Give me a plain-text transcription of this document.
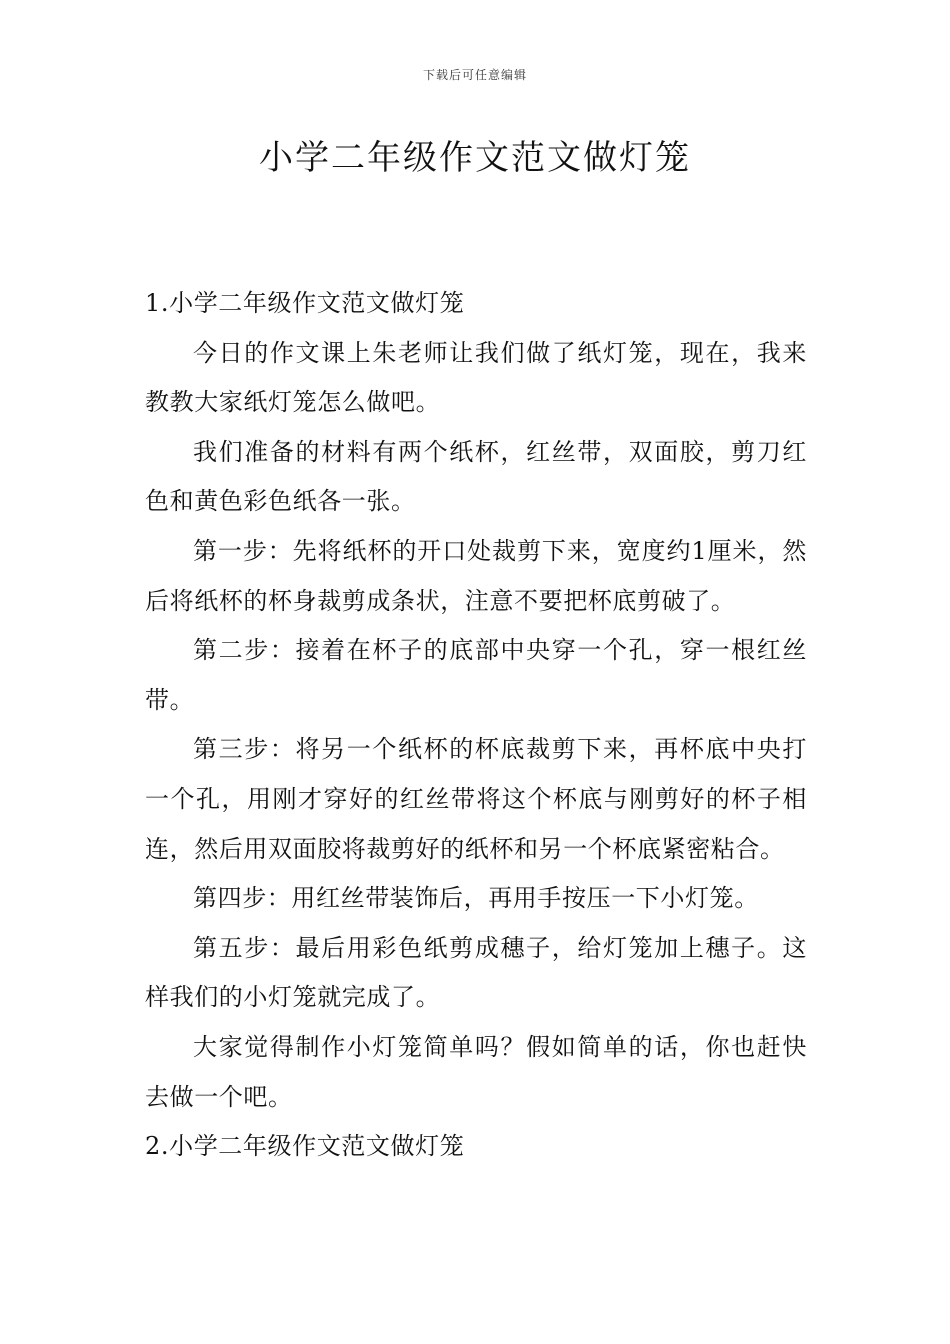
下载后可任意编辑
小学二年级作文范文做灯笼

1.小学二年级作文范文做灯笼

今日的作文课上朱老师让我们做了纸灯笼，现在，我来教教大家纸灯笼怎么做吧。

我们准备的材料有两个纸杯，红丝带，双面胶，剪刀红色和黄色彩色纸各一张。

第一步：先将纸杯的开口处裁剪下来，宽度约1厘米，然后将纸杯的杯身裁剪成条状，注意不要把杯底剪破了。

第二步：接着在杯子的底部中央穿一个孔，穿一根红丝带。

第三步：将另一个纸杯的杯底裁剪下来，再杯底中央打一个孔，用刚才穿好的红丝带将这个杯底与刚剪好的杯子相连，然后用双面胶将裁剪好的纸杯和另一个杯底紧密粘合。

第四步：用红丝带装饰后，再用手按压一下小灯笼。

第五步：最后用彩色纸剪成穗子，给灯笼加上穗子。这样我们的小灯笼就完成了。

大家觉得制作小灯笼简单吗？假如简单的话，你也赶快去做一个吧。

2.小学二年级作文范文做灯笼
